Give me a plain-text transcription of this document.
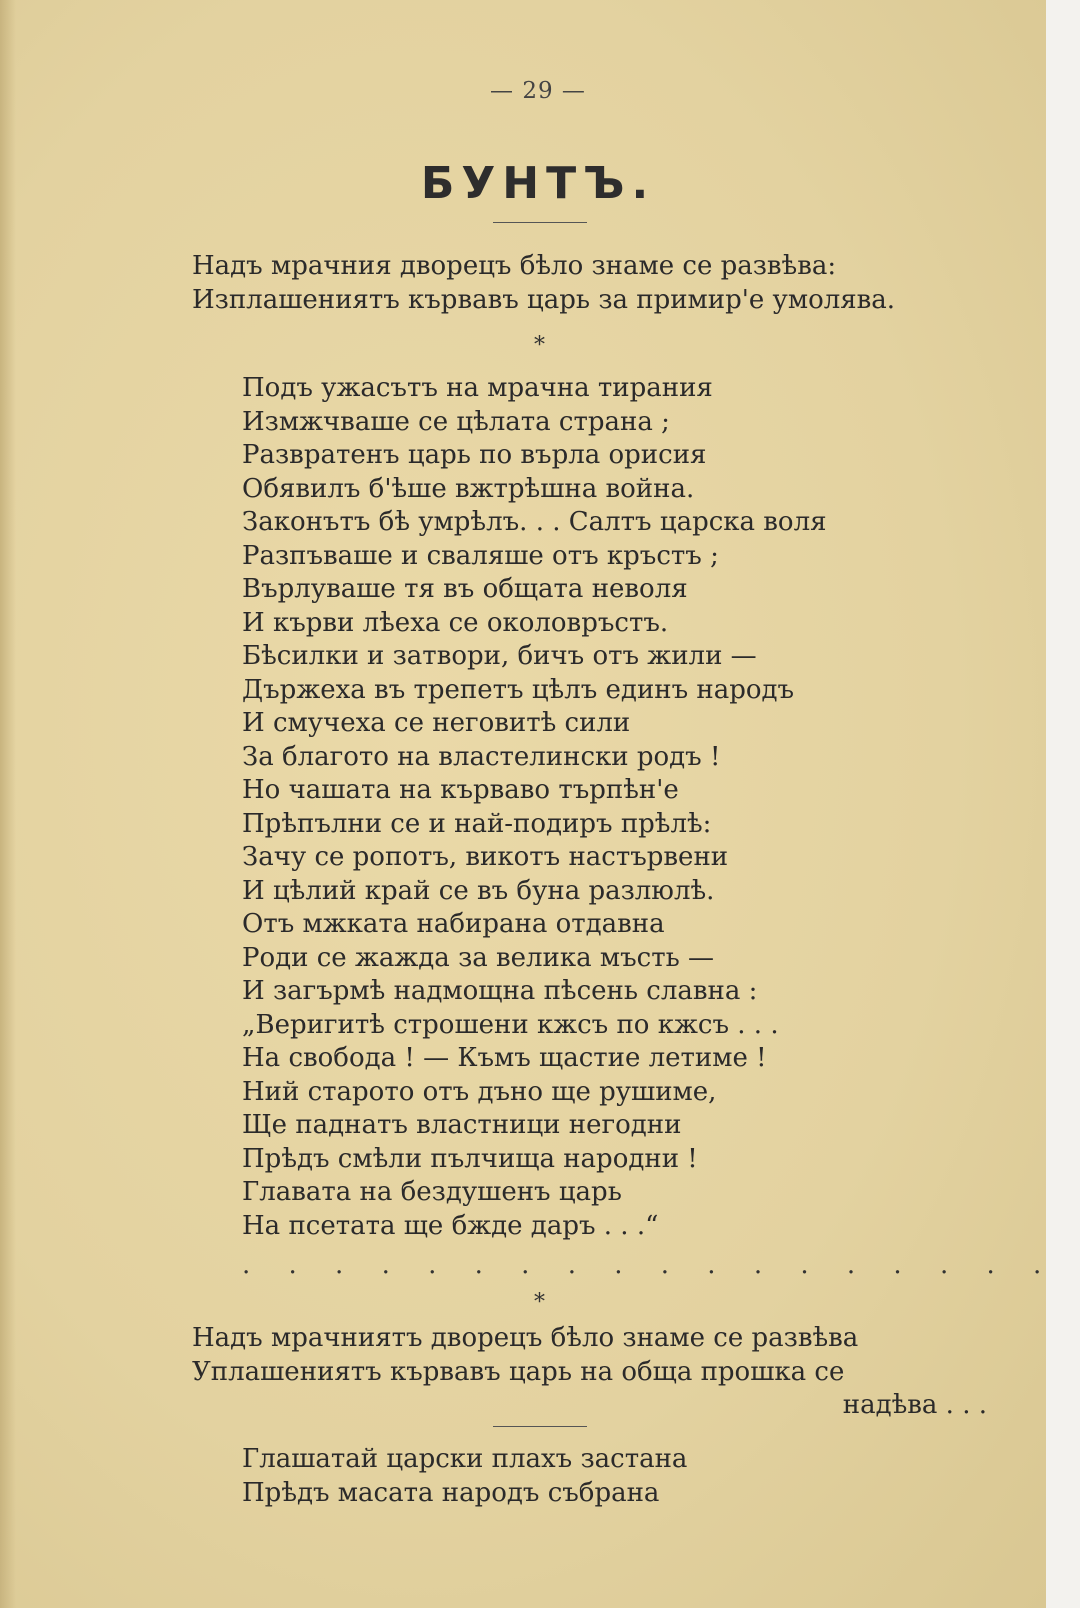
— 29 —
БУНТЪ.
Надъ мрачния дворецъ бѣло знаме се развѣва:
Изплашениятъ кървавъ царь за примир'е умолява.
*
Подъ ужасътъ на мрачна тирания
Измжчваше се цѣлата страна ;
Развратенъ царь по върла орисия
Обявилъ б'ѣше вжтрѣшна война.
Законътъ бѣ умрѣлъ. . . Салтъ царска воля
Разпъваше и сваляше отъ кръстъ ;
Върлуваше тя въ общата неволя
И кърви лѣеха се околовръстъ.
Бѣсилки и затвори, бичъ отъ жили —
Държеха въ трепетъ цѣлъ единъ народъ
И смучеха се неговитѣ сили
За благото на властелински родъ !
Но чашата на кърваво търпѣн'е
Прѣпълни се и най-подиръ прѣлѣ:
Зачу се ропотъ, викотъ настървени
И цѣлий край се въ буна разлюлѣ.
Отъ мжката набирана отдавна
Роди се жажда за велика мъсть —
И загърмѣ надмощна пѣсень славна :
„Веригитѣ строшени кжсъ по кжсъ . . .
На свобода ! — Къмъ щастие летиме !
Ний старото отъ дъно ще рушиме,
Ще паднатъ властници негодни
Прѣдъ смѣли пълчища народни !
Главата на бездушенъ царь
На псетата ще бжде даръ . . .“
. . . . . . . . . . . . . . . . . .
*
Надъ мрачниятъ дворецъ бѣло знаме се развѣва
Уплашениятъ кървавъ царь на обща прошка се
надѣва . . .
Глашатай царски плахъ застана
Прѣдъ масата народъ събрана
